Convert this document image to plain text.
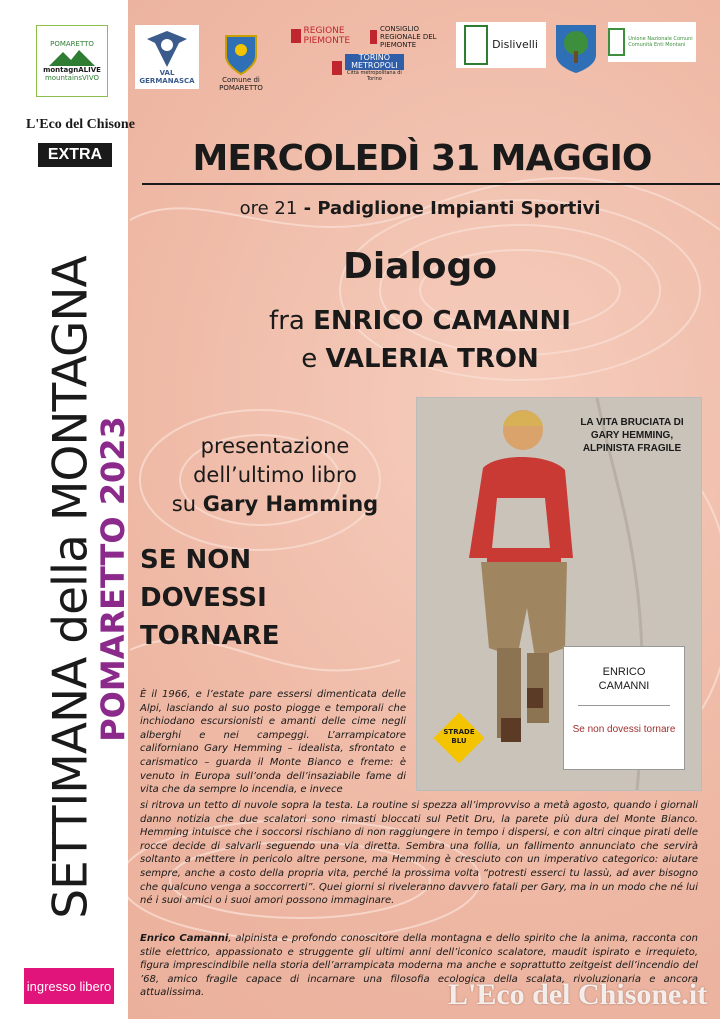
POMARETTO
montagnALIVE
mountainsVIVO
VAL GERMANASCA	Comune di POMARETTO
REGIONE PIEMONTE
CONSIGLIO REGIONALE DEL PIEMONTE
TORINO METROPOLI
Città metropolitana di Torino
Dislivelli	Unione Nazionale Comuni Comunità Enti Montani
L'Eco del Chisone
EXTRA
SETTIMANA della MONTAGNA
POMARETTO 2023
ingresso libero
MERCOLEDÌ 31 MAGGIO
ore 21 - Padiglione Impianti Sportivi
Dialogo
fra ENRICO CAMANNI
e VALERIA TRON
presentazione
dell’ultimo libro
su Gary Hamming
SE NON
DOVESSI
TORNARE
LA VITA BRUCIATA DI GARY HEMMING, ALPINISTA FRAGILE
ENRICO
CAMANNI
Se non dovessi tornare
STRADE BLU
È il 1966, e l’estate pare essersi dimenticata delle Alpi, lasciando al suo posto piogge e temporali che inchiodano escursionisti e amanti delle cime negli alberghi e nei campeggi. L’arrampicatore californiano Gary Hemming – idealista, sfrontato e carismatico – guarda il Monte Bianco e freme: è venuto in Europa sull’onda dell’insaziabile fame di vita che da sempre lo incendia, e invece
si ritrova un tetto di nuvole sopra la testa. La routine si spezza all’improvviso a metà agosto, quando i giornali danno notizia che due scalatori sono rimasti bloccati sul Petit Dru, la parete più dura del Monte Bianco. Hemming intuisce che i soccorsi rischiano di non raggiungere in tempo i dispersi, e con altri cinque pirati delle rocce decide di salvarli seguendo una via diretta. Sembra una follia, un fallimento annunciato che servirà soltanto a mettere in pericolo altre persone, ma Hemming è cresciuto con un imperativo categorico: aiutare sempre, anche a costo della propria vita, perché la prossima volta “potresti esserci tu lassù, ad aver bisogno che qualcuno venga a soccorrerti”. Quei giorni si riveleranno davvero fatali per Gary, ma in un modo che né lui né i suoi amici o i suoi amori possono immaginare.
Enrico Camanni, alpinista e profondo conoscitore della montagna e dello spirito che la anima, racconta con stile elettrico, appassionato e struggente gli ultimi anni dell’iconico scalatore, maudit ispirato e irrequieto, figura imprescindibile nella storia dell’arrampicata moderna ma anche e soprattutto zeitgeist dell’incendio del ’68, amico fragile capace di incarnare una filosofia ecologica della scalata, rivoluzionaria e ancora attualissima.	L'Eco del Chisone.it
